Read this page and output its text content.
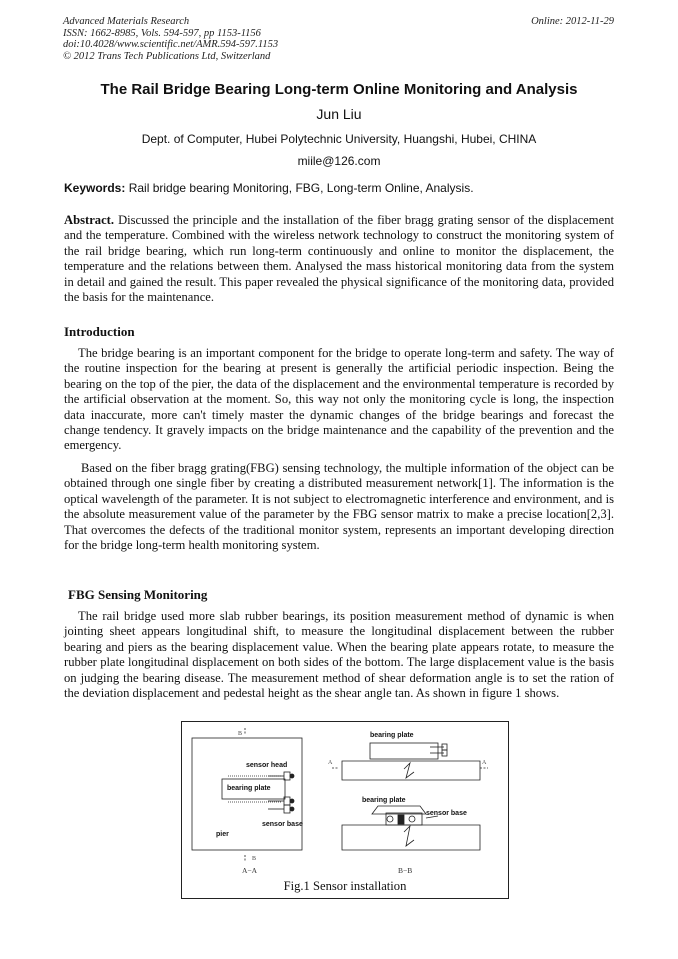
Advanced Materials Research
ISSN: 1662-8985, Vols. 594-597, pp 1153-1156
doi:10.4028/www.scientific.net/AMR.594-597.1153
© 2012 Trans Tech Publications Ltd, Switzerland
Online: 2012-11-29
The Rail Bridge Bearing Long-term Online Monitoring and Analysis
Jun Liu
Dept. of Computer, Hubei Polytechnic University, Huangshi, Hubei, CHINA
miile@126.com
Keywords: Rail bridge bearing Monitoring, FBG, Long-term Online, Analysis.
Abstract. Discussed the principle and the installation of the fiber bragg grating sensor of the displacement and the temperature. Combined with the wireless network technology to construct the monitoring system of the rail bridge bearing, which run long-term continuously and online to monitor the displacement, the temperature and the relations between them. Analysed the mass historical monitoring data from the system in detail and gained the result. This paper revealed the physical significance of the monitoring data, provided the basis for the maintenance.
Introduction
The bridge bearing is an important component for the bridge to operate long-term and safety. The way of the routine inspection for the bearing at present is generally the artificial periodic inspection. Being the bearing on the top of the pier, the data of the displacement and the environmental temperature is recorded by the artificial observation at the moment. So, this way not only the monitoring cycle is long, the inspection data inaccurate, more can't timely master the dynamic changes of the bridge bearings and forecast the change tendency. It gravely impacts on the bridge maintenance and the capability of the prevention and the emergency.
Based on the fiber bragg grating(FBG) sensing technology, the multiple information of the object can be obtained through one single fiber by creating a distributed measurement network[1]. The information is the optical wavelength of the parameter. It is not subject to electromagnetic interference and environment, and is the absolute measurement value of the parameter by the FBG sensor matrix to make a precise location[2,3]. That overcomes the defects of the traditional monitor system, represents an important developing direction for the bridge long-term health monitoring system.
FBG Sensing Monitoring
The rail bridge used more slab rubber bearings, its position measurement method of dynamic is when jointing sheet appears longitudinal shift, to measure the longitudinal displacement between the rubber bearing and piers as the bearing displacement value. When the bearing plate appears rotate, to measure the rubber plate longitudinal displacement on both sides of the bottom. The large displacement value is the basis on judging the bearing disease. The measurement method of shear deformation angle is to set the ration of the deviation displacement and pedestal height as the shear angle tan. As shown in figure 1 shows.
B
B
sensor head
bearing plate
sensor base
pier
A−A
A	A
bearing plate
bearing plate
sensor base
B−B
Fig.1 Sensor installation
